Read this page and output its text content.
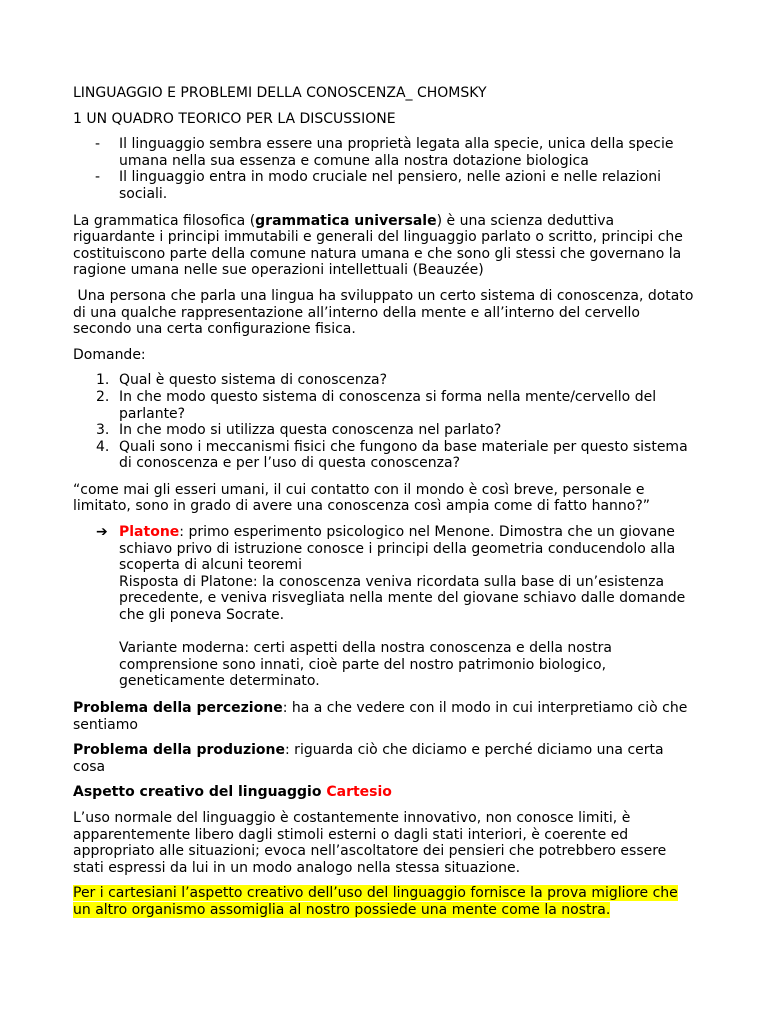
LINGUAGGIO E PROBLEMI DELLA CONOSCENZA_ CHOMSKY

1 UN QUADRO TEORICO PER LA DISCUSSIONE

- Il linguaggio sembra essere una proprietà legata alla specie, unica della specie umana nella sua essenza e comune alla nostra dotazione biologica
- Il linguaggio entra in modo cruciale nel pensiero, nelle azioni e nelle relazioni sociali.

La grammatica filosofica (grammatica universale) è una scienza deduttiva riguardante i principi immutabili e generali del linguaggio parlato o scritto, principi che costituiscono parte della comune natura umana e che sono gli stessi che governano la ragione umana nelle sue operazioni intellettuali (Beauzée)

Una persona che parla una lingua ha sviluppato un certo sistema di conoscenza, dotato di una qualche rappresentazione all’interno della mente e all’interno del cervello secondo una certa configurazione fisica.

Domande:

1. Qual è questo sistema di conoscenza?
2. In che modo questo sistema di conoscenza si forma nella mente/cervello del parlante?
3. In che modo si utilizza questa conoscenza nel parlato?
4. Quali sono i meccanismi fisici che fungono da base materiale per questo sistema di conoscenza e per l’uso di questa conoscenza?

“come mai gli esseri umani, il cui contatto con il mondo è così breve, personale e limitato, sono in grado di avere una conoscenza così ampia come di fatto hanno?”

➔ Platone: primo esperimento psicologico nel Menone. Dimostra che un giovane schiavo privo di istruzione conosce i principi della geometria conducendolo alla scoperta di alcuni teoremi
Risposta di Platone: la conoscenza veniva ricordata sulla base di un’esistenza precedente, e veniva risvegliata nella mente del giovane schiavo dalle domande che gli poneva Socrate.
Variante moderna: certi aspetti della nostra conoscenza e della nostra comprensione sono innati, cioè parte del nostro patrimonio biologico, geneticamente determinato.

Problema della percezione: ha a che vedere con il modo in cui interpretiamo ciò che sentiamo

Problema della produzione: riguarda ciò che diciamo e perché diciamo una certa cosa

Aspetto creativo del linguaggio Cartesio

L’uso normale del linguaggio è costantemente innovativo, non conosce limiti, è apparentemente libero dagli stimoli esterni o dagli stati interiori, è coerente ed appropriato alle situazioni; evoca nell’ascoltatore dei pensieri che potrebbero essere stati espressi da lui in un modo analogo nella stessa situazione.

Per i cartesiani l’aspetto creativo dell’uso del linguaggio fornisce la prova migliore che un altro organismo assomiglia al nostro possiede una mente come la nostra.
